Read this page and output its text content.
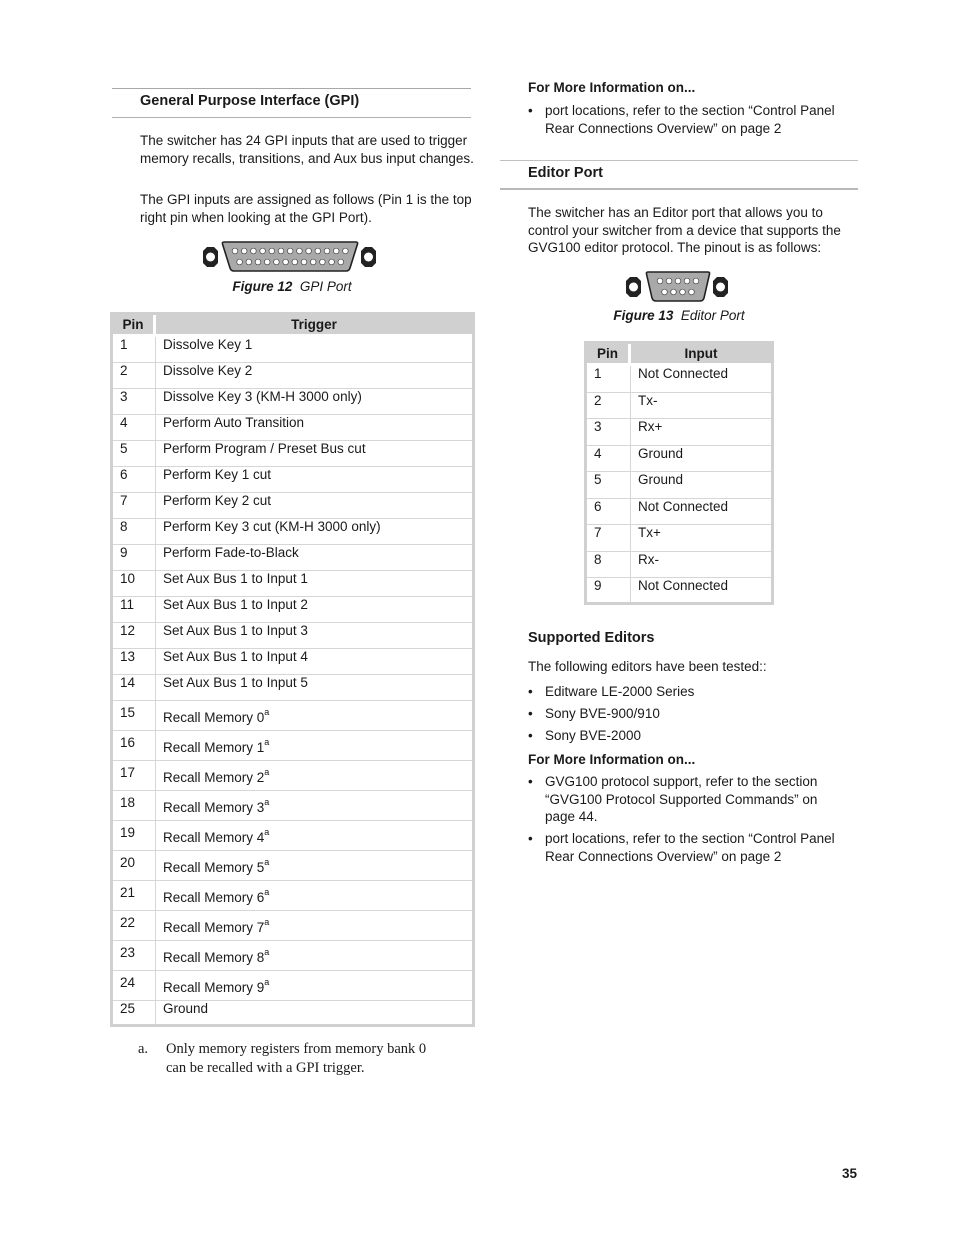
General Purpose Interface (GPI)
The switcher has 24 GPI inputs that are used to trigger memory recalls, transitions, and Aux bus input changes.
The GPI inputs are assigned as follows (Pin 1 is the top right pin when looking at the GPI Port).
Figure 12 GPI Port
Pin	Trigger
1	Dissolve Key 1
2	Dissolve Key 2
3	Dissolve Key 3 (KM-H 3000 only)
4	Perform Auto Transition
5	Perform Program / Preset Bus cut
6	Perform Key 1 cut
7	Perform Key 2 cut
8	Perform Key 3 cut (KM-H 3000 only)
9	Perform Fade-to-Black
10	Set Aux Bus 1 to Input 1
11	Set Aux Bus 1 to Input 2
12	Set Aux Bus 1 to Input 3
13	Set Aux Bus 1 to Input 4
14	Set Aux Bus 1 to Input 5
15	Recall Memory 0$^a$
16	Recall Memory 1$^a$
17	Recall Memory 2$^a$
18	Recall Memory 3$^a$
19	Recall Memory 4$^a$
20	Recall Memory 5$^a$
21	Recall Memory 6$^a$
22	Recall Memory 7$^a$
23	Recall Memory 8$^a$
24	Recall Memory 9$^a$
25	Ground
a. Only memory registers from memory bank 0
can be recalled with a GPI trigger.
For More Information on...
• port locations, refer to the section “Control Panel
Rear Connections Overview” on page 2
Editor Port
The switcher has an Editor port that allows you to control your switcher from a device that supports the GVG100 editor protocol. The pinout is as follows:
Figure 13 Editor Port
Pin	Input
1	Not Connected
2	Tx-
3	Rx+
4	Ground
5	Ground
6	Not Connected
7	Tx+
8	Rx-
9	Not Connected
Supported Editors
The following editors have been tested::
• Editware LE-2000 Series
• Sony BVE-900/910
• Sony BVE-2000
For More Information on...
• GVG100 protocol support, refer to the section
“GVG100 Protocol Supported Commands” on
page 44.
• port locations, refer to the section “Control Panel
Rear Connections Overview” on page 2
35
